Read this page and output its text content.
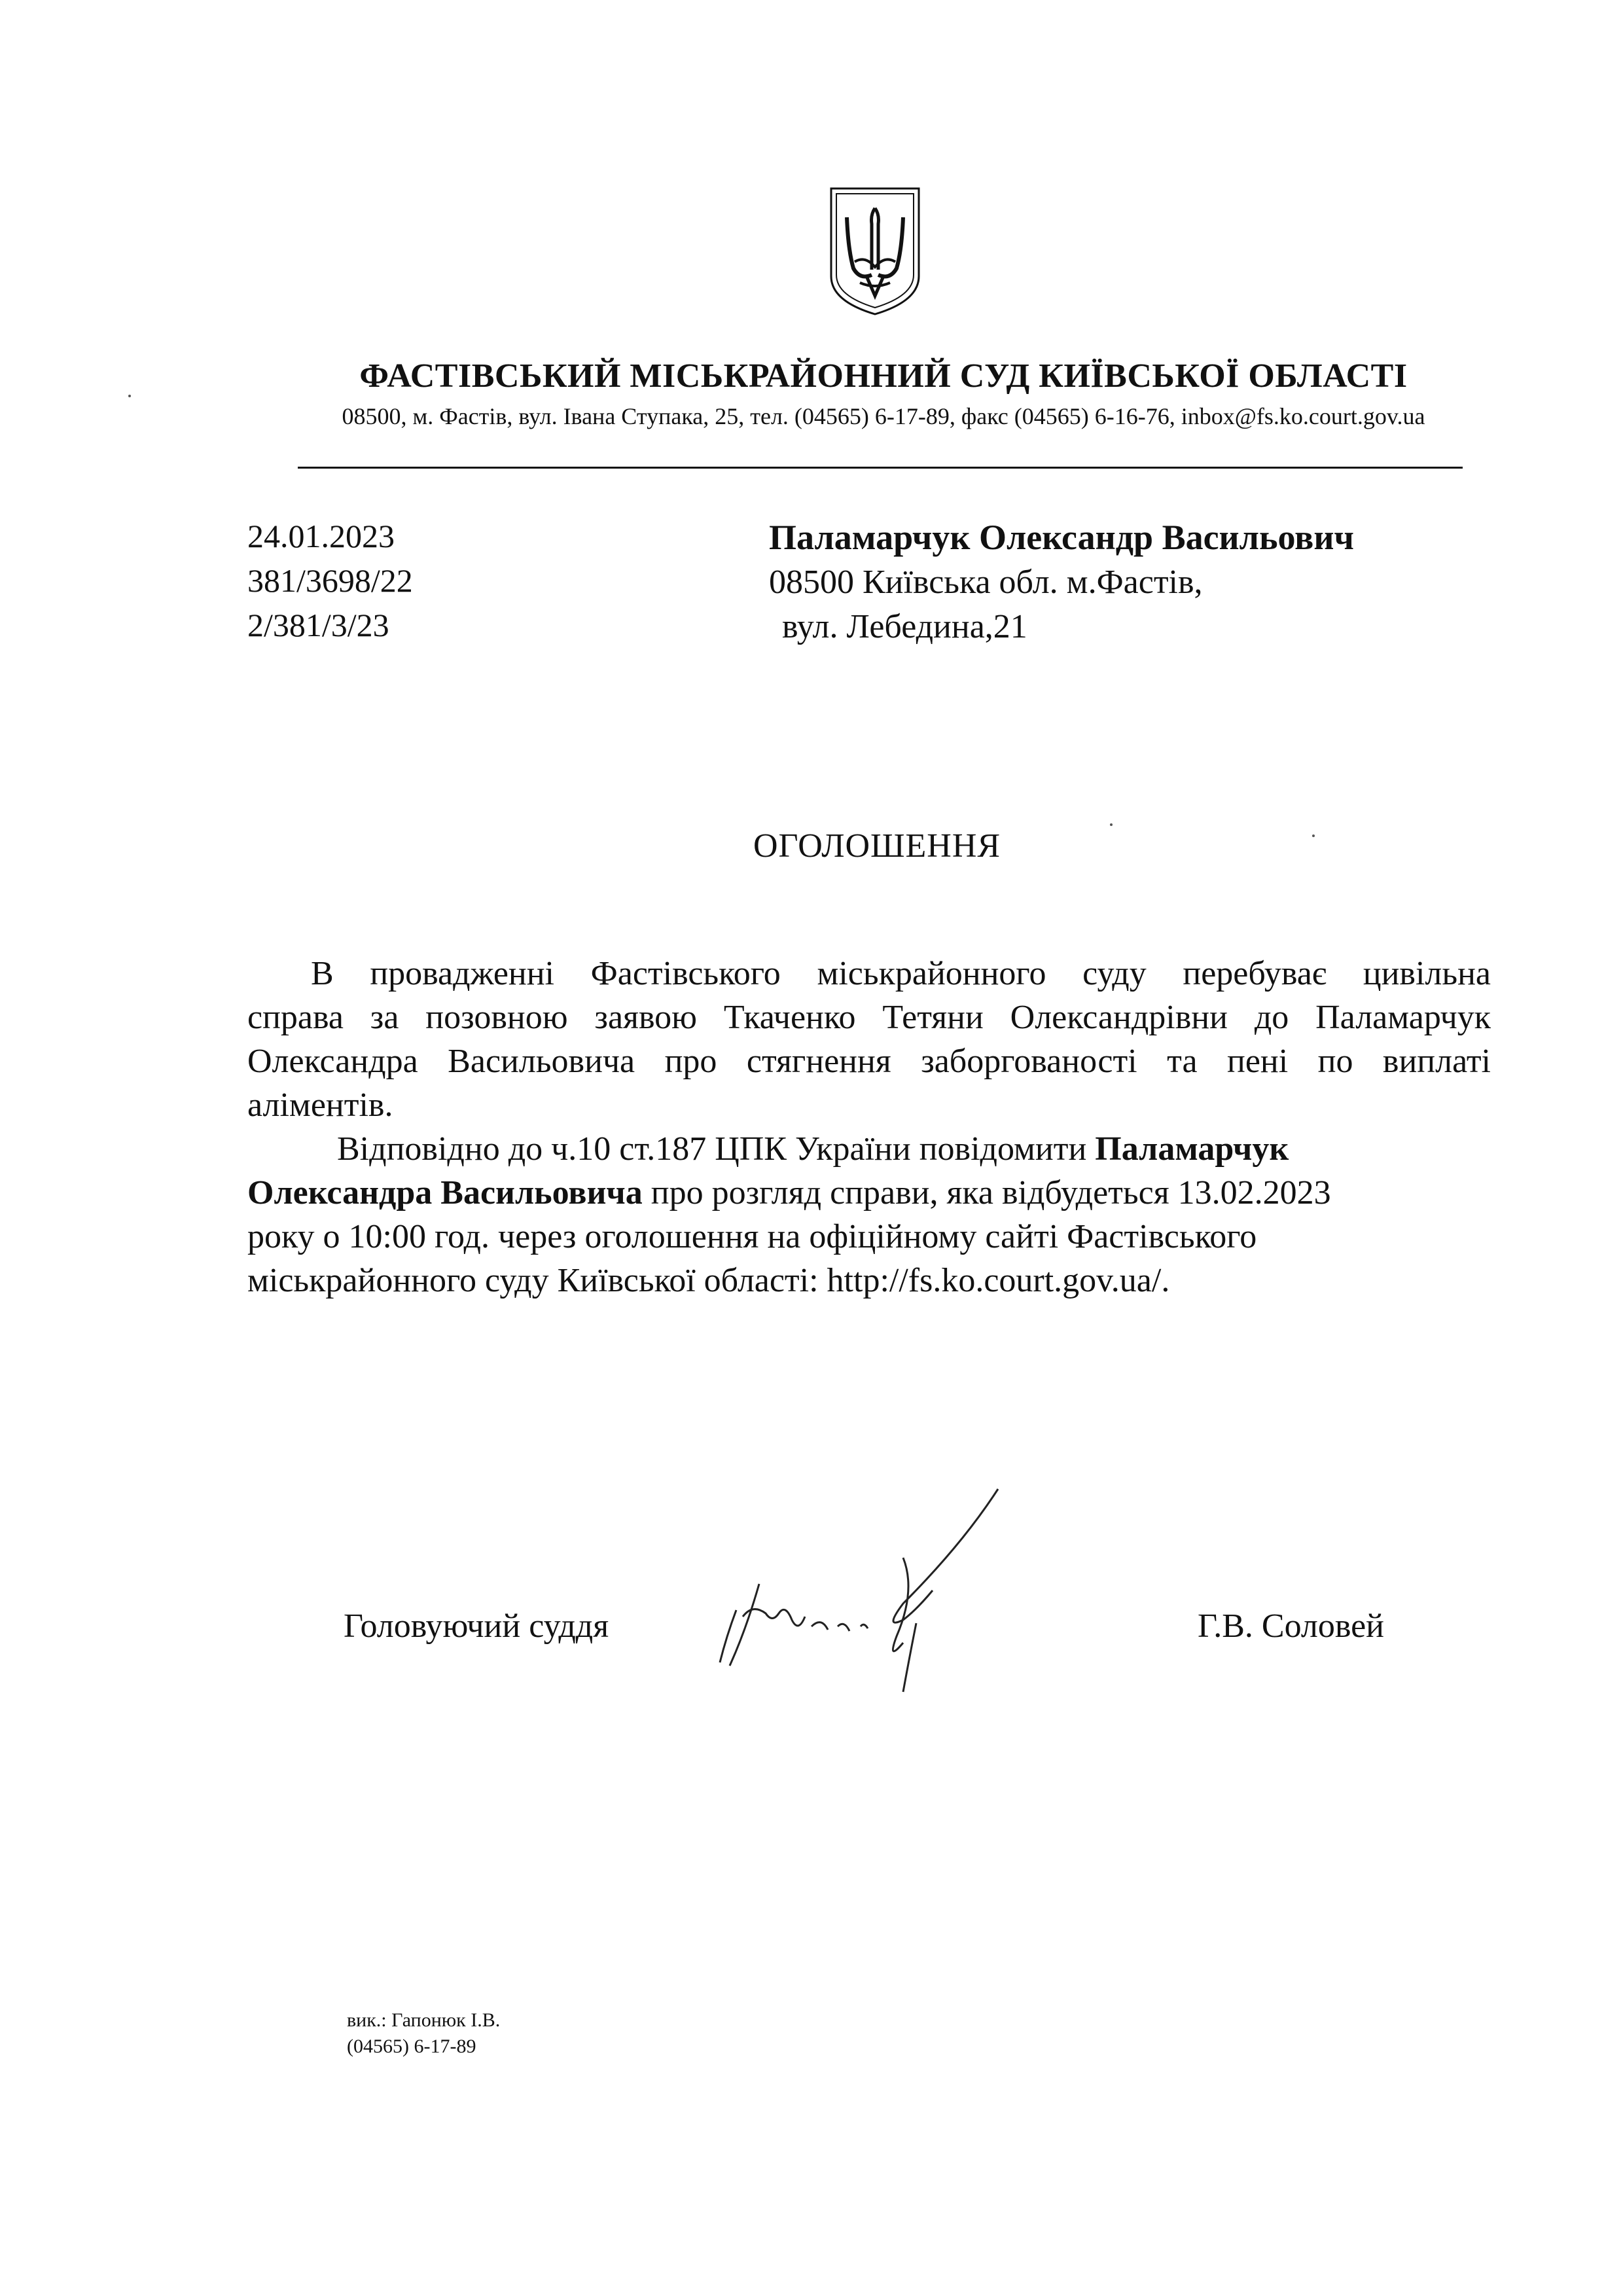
ФАСТІВСЬКИЙ МІСЬКРАЙОННИЙ СУД КИЇВСЬКОЇ ОБЛАСТІ
08500, м. Фастів, вул. Івана Ступака, 25, тел. (04565) 6-17-89, факс (04565) 6-16-76, inbox@fs.ko.court.gov.ua
24.01.2023
381/3698/22
2/381/3/23
Паламарчук Олександр Васильович
08500 Київська обл. м.Фастів,
вул. Лебедина,21
ОГОЛОШЕННЯ
В провадженні Фастівського міськрайонного суду перебуває цивільна
справа за позовною заявою Ткаченко Тетяни Олександрівни до Паламарчук
Олександра Васильовича про стягнення заборгованості та пені по виплаті
аліментів.
Відповідно до ч.10 ст.187 ЦПК України повідомити Паламарчук
Олександра Васильовича про розгляд справи, яка відбудеться 13.02.2023
року о 10:00 год. через оголошення на офіційному сайті Фастівського
міськрайонного суду Київської області: http://fs.ko.court.gov.ua/.
Головуючий суддя	Г.В. Соловей
вик.: Гапонюк І.В.
(04565) 6-17-89
